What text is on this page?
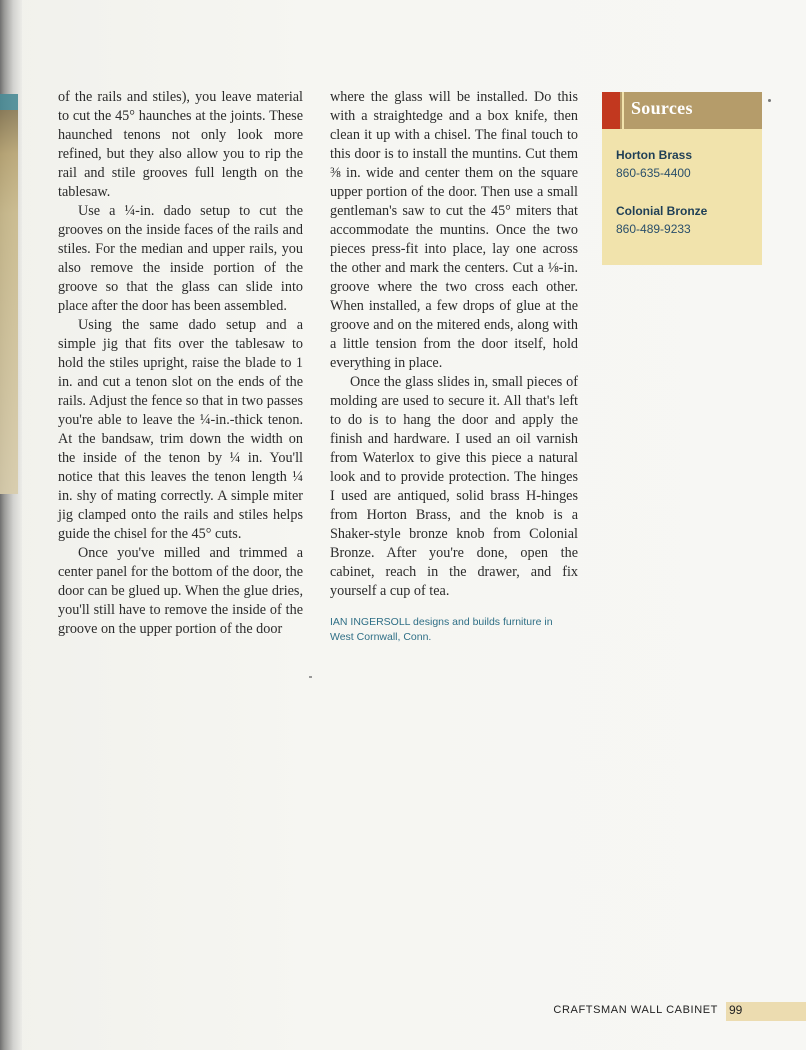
of the rails and stiles), you leave material to cut the 45° haunches at the joints. These haunched tenons not only look more refined, but they also allow you to rip the rail and stile grooves full length on the tablesaw.

Use a ¼-in. dado setup to cut the grooves on the inside faces of the rails and stiles. For the median and upper rails, you also remove the inside portion of the groove so that the glass can slide into place after the door has been assembled.

Using the same dado setup and a simple jig that fits over the tablesaw to hold the stiles upright, raise the blade to 1 in. and cut a tenon slot on the ends of the rails. Adjust the fence so that in two passes you're able to leave the ¼-in.-thick tenon. At the bandsaw, trim down the width on the inside of the tenon by ¼ in. You'll notice that this leaves the tenon length ¼ in. shy of mating correctly. A simple miter jig clamped onto the rails and stiles helps guide the chisel for the 45° cuts.

Once you've milled and trimmed a center panel for the bottom of the door, the door can be glued up. When the glue dries, you'll still have to remove the inside of the groove on the upper portion of the door

where the glass will be installed. Do this with a straightedge and a box knife, then clean it up with a chisel. The final touch to this door is to install the muntins. Cut them ⅜ in. wide and center them on the square upper portion of the door. Then use a small gentleman's saw to cut the 45° miters that accommodate the muntins. Once the two pieces press-fit into place, lay one across the other and mark the centers. Cut a ⅛-in. groove where the two cross each other. When installed, a few drops of glue at the groove and on the mitered ends, along with a little tension from the door itself, hold everything in place.

Once the glass slides in, small pieces of molding are used to secure it. All that's left to do is to hang the door and apply the finish and hardware. I used an oil varnish from Waterlox to give this piece a natural look and to provide protection. The hinges I used are antiqued, solid brass H-hinges from Horton Brass, and the knob is a Shaker-style bronze knob from Colonial Bronze. After you're done, open the cabinet, reach in the drawer, and fix yourself a cup of tea.

IAN INGERSOLL designs and builds furniture in
West Cornwall, Conn.
Sources
Horton Brass
860-635-4400
Colonial Bronze
860-489-9233
CRAFTSMAN WALL CABINET 99
